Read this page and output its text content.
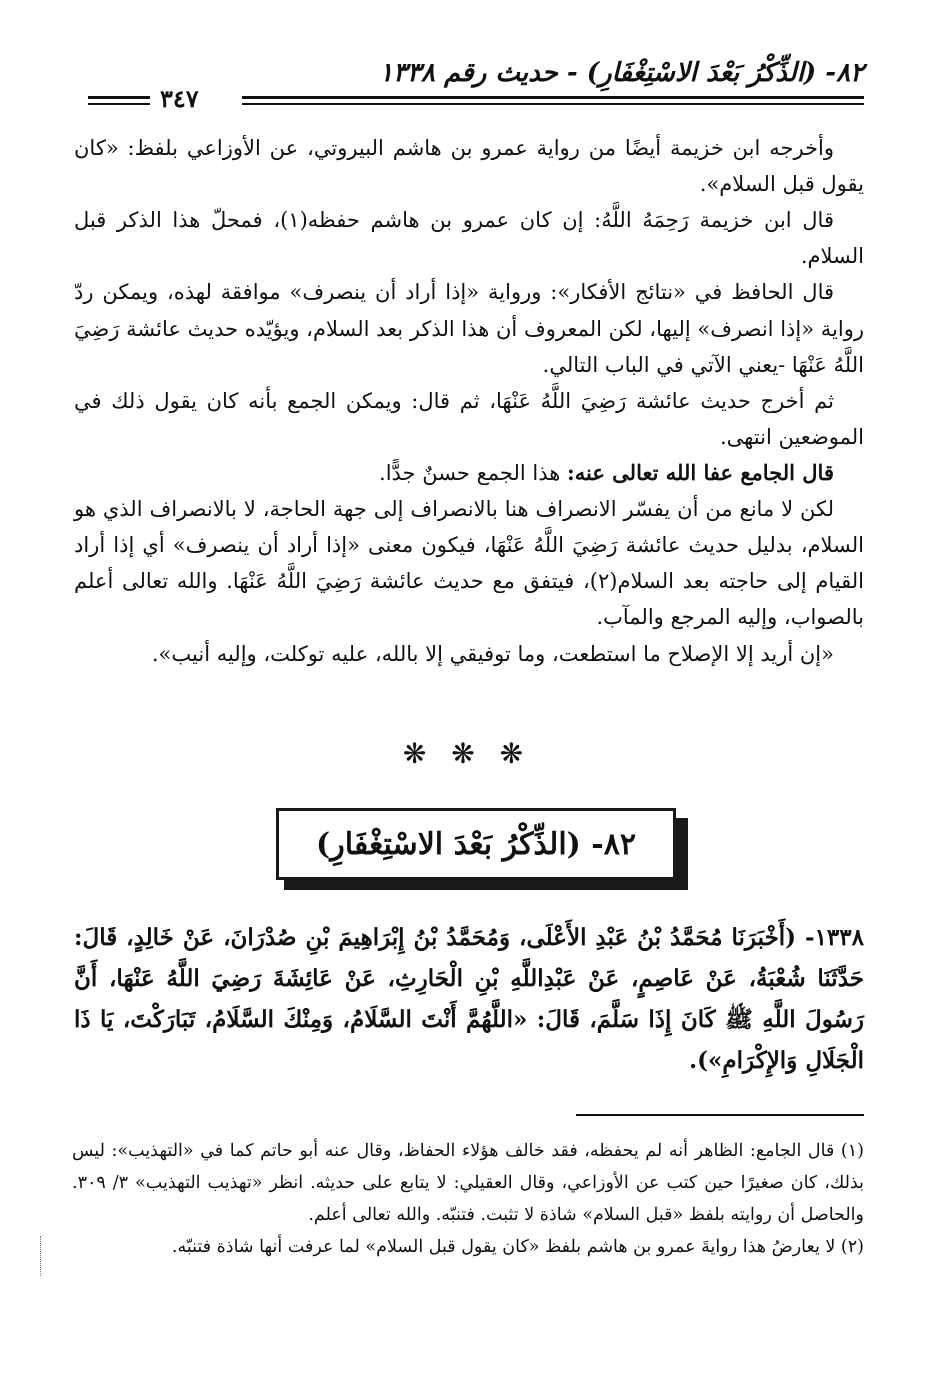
٨٢- (الذِّكْرُ بَعْدَ الاسْتِغْفَارِ) - حديث رقم ١٣٣٨
٣٤٧

وأخرجه ابن خزيمة أيضًا من رواية عمرو بن هاشم البيروتي، عن الأوزاعي بلفظ: «كان يقول قبل السلام».

قال ابن خزيمة رَحِمَهُ اللَّهُ: إن كان عمرو بن هاشم حفظه(١)، فمحلّ هذا الذكر قبل السلام.

قال الحافظ في «نتائج الأفكار»: ورواية «إذا أراد أن ينصرف» موافقة لهذه، ويمكن ردّ رواية «إذا انصرف» إليها، لكن المعروف أن هذا الذكر بعد السلام، ويؤيّده حديث عائشة رَضِيَ اللَّهُ عَنْهَا -يعني الآتي في الباب التالي.

ثم أخرج حديث عائشة رَضِيَ اللَّهُ عَنْهَا، ثم قال: ويمكن الجمع بأنه كان يقول ذلك في الموضعين انتهى.

قال الجامع عفا الله تعالى عنه: هذا الجمع حسنٌ جدًّا.

لكن لا مانع من أن يفسّر الانصراف هنا بالانصراف إلى جهة الحاجة، لا بالانصراف الذي هو السلام، بدليل حديث عائشة رَضِيَ اللَّهُ عَنْهَا، فيكون معنى «إذا أراد أن ينصرف» أي إذا أراد القيام إلى حاجته بعد السلام(٢)، فيتفق مع حديث عائشة رَضِيَ اللَّهُ عَنْهَا. والله تعالى أعلم بالصواب، وإليه المرجع والمآب.

«إن أريد إلا الإصلاح ما استطعت، وما توفيقي إلا بالله، عليه توكلت، وإليه أنيب».

❋ ❋ ❋
٨٢- (الذِّكْرُ بَعْدَ الاسْتِغْفَارِ)

١٣٣٨- (أَخْبَرَنَا مُحَمَّدُ بْنُ عَبْدِ الأَعْلَى، وَمُحَمَّدُ بْنُ إِبْرَاهِيمَ بْنِ صُدْرَانَ، عَنْ خَالِدٍ، قَالَ: حَدَّثَنَا شُعْبَةُ، عَنْ عَاصِمٍ، عَنْ عَبْدِاللَّهِ بْنِ الْحَارِثِ، عَنْ عَائِشَةَ رَضِيَ اللَّهُ عَنْهَا، أَنَّ رَسُولَ اللَّهِ ﷺ كَانَ إِذَا سَلَّمَ، قَالَ: «اللَّهُمَّ أَنْتَ السَّلَامُ، وَمِنْكَ السَّلَامُ، تَبَارَكْتَ، يَا ذَا الْجَلَالِ وَالإِكْرَامِ»).

(١) قال الجامع: الظاهر أنه لم يحفظه، فقد خالف هؤلاء الحفاظ، وقال عنه أبو حاتم كما في «التهذيب»: ليس بذلك، كان صغيرًا حين كتب عن الأوزاعي، وقال العقيلي: لا يتابع على حديثه. انظر «تهذيب التهذيب» ٣/ ٣٠٩. والحاصل أن روايته بلفظ «قبل السلام» شاذة لا تثبت. فتنبّه. والله تعالى أعلم.

(٢) لا يعارضُ هذا روايةَ عمرو بن هاشم بلفظ «كان يقول قبل السلام» لما عرفت أنها شاذة فتنبّه.
